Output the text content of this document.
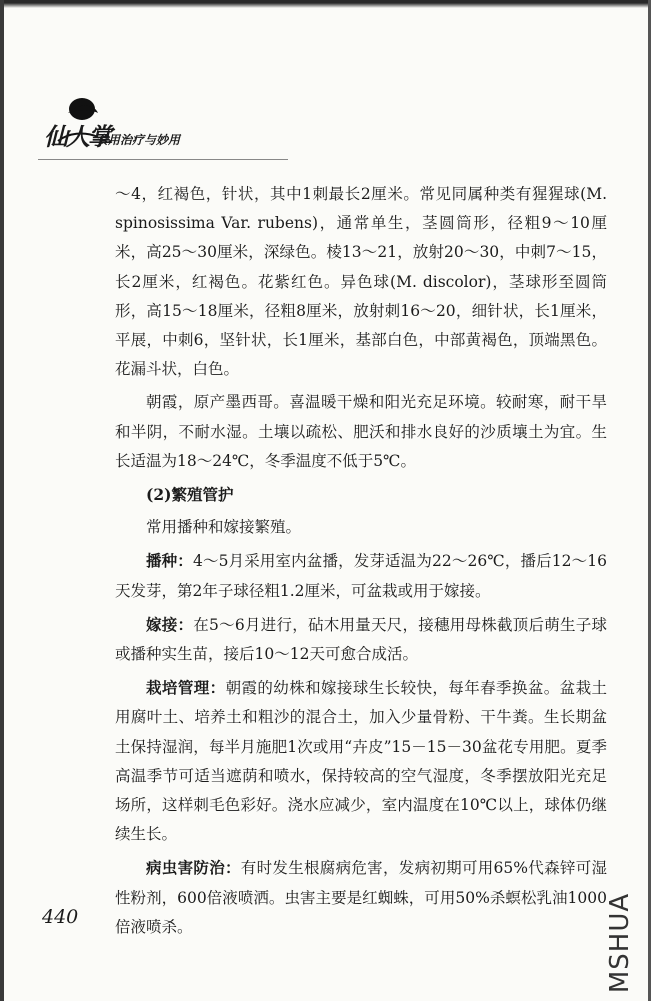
仙人掌
食用治疗与妙用

～4，红褐色，针状，其中1刺最长2厘米。常见同属种类有猩猩球(M. spinosissima Var. rubens)，通常单生，茎圆筒形，径粗9～10厘米，高25～30厘米，深绿色。棱13～21，放射20～30，中刺7～15，长2厘米，红褐色。花紫红色。异色球(M. discolor)，茎球形至圆筒形，高15～18厘米，径粗8厘米，放射刺16～20，细针状，长1厘米，平展，中刺6，坚针状，长1厘米，基部白色，中部黄褐色，顶端黑色。花漏斗状，白色。

朝霞，原产墨西哥。喜温暖干燥和阳光充足环境。较耐寒，耐干旱和半阴，不耐水湿。土壤以疏松、肥沃和排水良好的沙质壤土为宜。生长适温为18～24℃，冬季温度不低于5℃。

(2)繁殖管护

常用播种和嫁接繁殖。

播种：4～5月采用室内盆播，发芽适温为22～26℃，播后12～16天发芽，第2年子球径粗1.2厘米，可盆栽或用于嫁接。

嫁接：在5～6月进行，砧木用量天尺，接穗用母株截顶后萌生子球或播种实生苗，接后10～12天可愈合成活。

栽培管理：朝霞的幼株和嫁接球生长较快，每年春季换盆。盆栽土用腐叶土、培养土和粗沙的混合土，加入少量骨粉、干牛粪。生长期盆土保持湿润，每半月施肥1次或用“卉皮”15－15－30盆花专用肥。夏季高温季节可适当遮荫和喷水，保持较高的空气湿度，冬季摆放阳光充足场所，这样刺毛色彩好。浇水应减少，室内温度在10℃以上，球体仍继续生长。

病虫害防治：有时发生根腐病危害，发病初期可用65%代森锌可湿性粉剂，600倍液喷洒。虫害主要是红蜘蛛，可用50%杀螟松乳油1000倍液喷杀。

440	MSHUA
